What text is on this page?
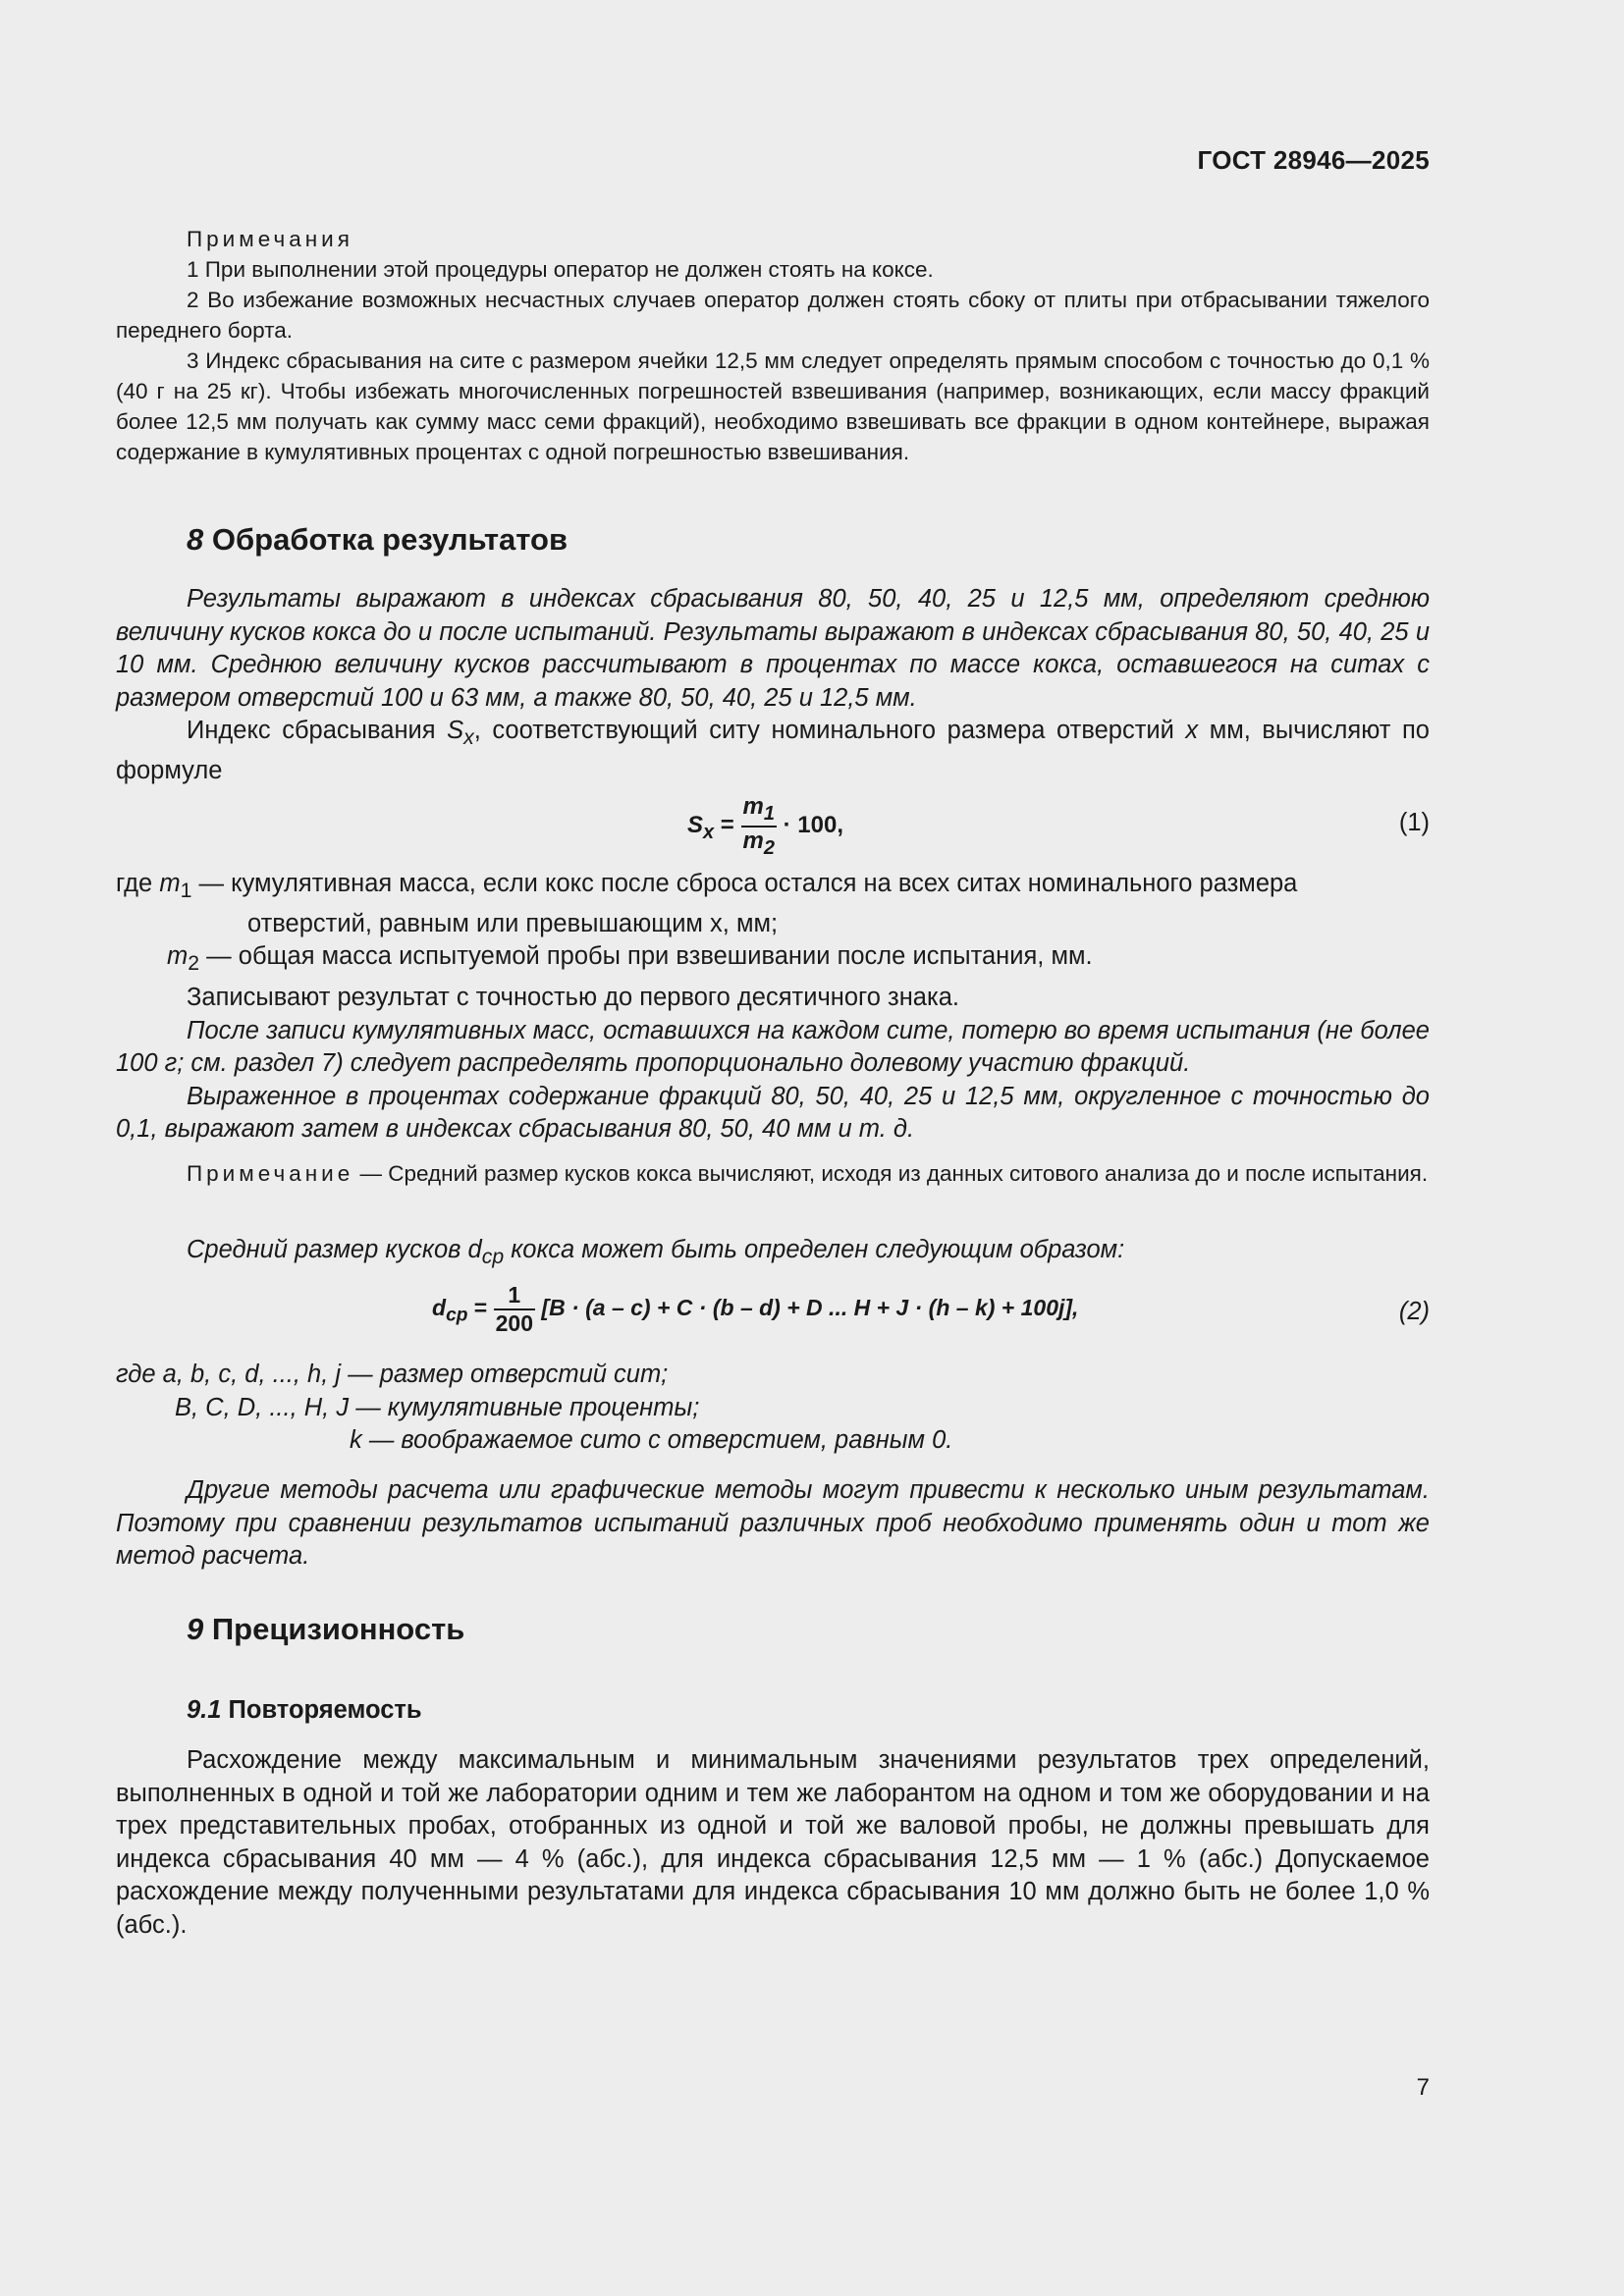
ГОСТ 28946—2025

Примечания

1 При выполнении этой процедуры оператор не должен стоять на коксе.

2 Во избежание возможных несчастных случаев оператор должен стоять сбоку от плиты при отбрасывании тяжелого переднего борта.

3 Индекс сбрасывания на сите с размером ячейки 12,5 мм следует определять прямым способом с точностью до 0,1 % (40 г на 25 кг). Чтобы избежать многочисленных погрешностей взвешивания (например, возникающих, если массу фракций более 12,5 мм получать как сумму масс семи фракций), необходимо взвешивать все фракции в одном контейнере, выражая содержание в кумулятивных процентах с одной погрешностью взвешивания.

8 Обработка результатов

Результаты выражают в индексах сбрасывания 80, 50, 40, 25 и 12,5 мм, определяют среднюю величину кусков кокса до и после испытаний. Результаты выражают в индексах сбрасывания 80, 50, 40, 25 и 10 мм. Среднюю величину кусков рассчитывают в процентах по массе кокса, оставшегося на ситах с размером отверстий 100 и 63 мм, а также 80, 50, 40, 25 и 12,5 мм.

Индекс сбрасывания $S_x$, соответствующий ситу номинального размера отверстий x мм, вычисляют по формуле

$S_x = \frac{m_1}{m_2} \cdot 100$,	(1)
где $m_1$ — кумулятивная масса, если кокс после сброса остался на всех ситах номинального размера
отверстий, равным или превышающим x, мм;
$m_2$ — общая масса испытуемой пробы при взвешивании после испытания, мм.

Записывают результат с точностью до первого десятичного знака.

После записи кумулятивных масс, оставшихся на каждом сите, потерю во время испытания (не более 100 г; см. раздел 7) следует распределять пропорционально долевому участию фракций.

Выраженное в процентах содержание фракций 80, 50, 40, 25 и 12,5 мм, округленное с точностью до 0,1, выражают затем в индексах сбрасывания 80, 50, 40 мм и т. д.

Примечание — Средний размер кусков кокса вычисляют, исходя из данных ситового анализа до и после испытания.

Средний размер кусков $d_{ср}$ кокса может быть определен следующим образом:

$d_{ср} = \frac{1}{200} [B \cdot (a - c) + C \cdot (b - d) + D$ ... H + J · (h – k) + 100j],	(2)
где a, b, c, d, ..., h, j — размер отверстий сит;
B, C, D, ..., H, J — кумулятивные проценты;
k — воображаемое сито с отверстием, равным 0.

Другие методы расчета или графические методы могут привести к несколько иным результатам. Поэтому при сравнении результатов испытаний различных проб необходимо применять один и тот же метод расчета.

9 Прецизионность
9.1 Повторяемость

Расхождение между максимальным и минимальным значениями результатов трех определений, выполненных в одной и той же лаборатории одним и тем же лаборантом на одном и том же оборудовании и на трех представительных пробах, отобранных из одной и той же валовой пробы, не должны превышать для индекса сбрасывания 40 мм — 4 % (абс.), для индекса сбрасывания 12,5 мм — 1 % (абс.) Допускаемое расхождение между полученными результатами для индекса сбрасывания 10 мм должно быть не более 1,0 % (абс.).

7
